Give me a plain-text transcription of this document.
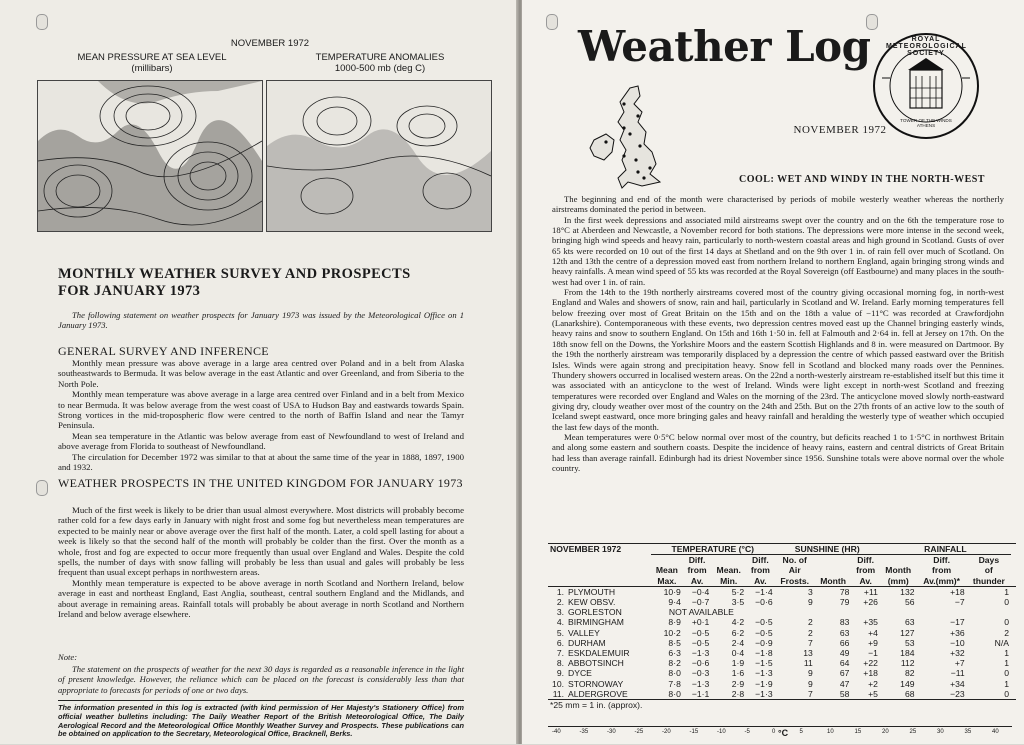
NOVEMBER 1972
MEAN PRESSURE AT SEA LEVEL
(millibars)
TEMPERATURE ANOMALIES
1000-500 mb (deg C)
MONTHLY WEATHER SURVEY AND PROSPECTS
FOR JANUARY 1973
The following statement on weather prospects for January 1973 was issued by the Meteorological Office on 1 January 1973.
GENERAL SURVEY AND INFERENCE

Monthly mean pressure was above average in a large area centred over Poland and in a belt from Alaska southeastwards to Bermuda. It was below average in the east Atlantic and over Greenland, and from Siberia to the North Pole.

Monthly mean temperature was above average in a large area centred over Finland and in a belt from Mexico to near Bermuda. It was below average from the west coast of USA to Hudson Bay and eastwards towards Spain. Strong vortices in the mid-tropospheric flow were centred to the north of Baffin Island and near the Tamyr Peninsula.

Mean sea temperature in the Atlantic was below average from east of Newfoundland to west of Ireland and above average from Florida to southeast of Newfoundland.

The circulation for December 1972 was similar to that at about the same time of the year in 1888, 1897, 1900 and 1932.

WEATHER PROSPECTS IN THE UNITED KINGDOM FOR JANUARY 1973

Much of the first week is likely to be drier than usual almost everywhere. Most districts will probably become rather cold for a few days early in January with night frost and some fog but nevertheless mean temperatures are expected to be mainly near or above average over the first half of the month. Later, a cold spell lasting for about a week is likely so that the second half of the month will probably be colder than the first. Over the month as a whole, frost and fog are expected to occur more frequently than usual over England and Wales. Despite the cold spells, the number of days with snow falling will probably be less than usual and gales will probably be less frequent than usual except perhaps in northwestern areas.

Monthly mean temperature is expected to be above average in north Scotland and Northern Ireland, below average in east and northeast England, East Anglia, southeast, central southern England and the Midlands, and about average in remaining areas. Rainfall totals will probably be about average in north Scotland and Northern Ireland and below average elsewhere.

Note:
The statement on the prospects of weather for the next 30 days is regarded as a reasonable inference in the light of present knowledge. However, the reliance which can be placed on the forecast is considerably less than that appropriate to forecasts for periods of one or two days.
The information presented in this log is extracted (with kind permission of Her Majesty's Stationery Office) from official weather bulletins including: The Daily Weather Report of the British Meteorological Office, The Daily Aerological Record and the Meteorological Office Monthly Weather Survey and Prospects. These publications can be obtained on application to the Secretary, Meteorological Office, Bracknell, Berks.
Weather Log	ROYAL METEOROLOGICAL SOCIETY
TOWER OF THE WINDS ATHENS
NOVEMBER 1972
COOL: WET AND WINDY IN THE NORTH-WEST

The beginning and end of the month were characterised by periods of mobile westerly weather whereas the northerly airstreams dominated the period in between.

In the first week depressions and associated mild airstreams swept over the country and on the 6th the temperature rose to 18°C at Aberdeen and Newcastle, a November record for both stations. The depressions were more intense in the second week, bringing high wind speeds and heavy rain, particularly to north-western coastal areas and high ground in Scotland. Gusts of over 65 kts were recorded on 10 out of the first 14 days at Shetland and on the 9th over 1 in. of rain fell over much of Scotland. On 12th and 13th the centre of a depression moved east from northern Ireland to northern England, again bringing strong winds and heavy rainfalls. A mean wind speed of 55 kts was recorded at the Royal Sovereign (off Eastbourne) and many places in the south-west had over 1 in. of rain.

From the 14th to the 19th northerly airstreams covered most of the country giving occasional morning fog, in north-west England and Wales and showers of snow, rain and hail, particularly in Scotland and W. Ireland. Early morning temperatures fell below freezing over most of Great Britain on the 15th and on the 18th a value of −11°C was recorded at Crawfordjohn (Lanarkshire). Contemporaneous with these events, two depression centres moved east up the Channel bringing easterly winds, heavy rains and snow to southern England. On 15th and 16th 1·50 in. fell at Falmouth and 2·64 in. fell at Jersey on 17th. On the 18th snow fell on the Downs, the Yorkshire Moors and the eastern Scottish Highlands and 8 in. were measured on Dartmoor. By the 19th the northerly airstream was temporarily displaced by a depression the centre of which passed eastward over the British Isles. Winds were again strong and precipitation heavy. Snow fell in Scotland and blocked many roads over the Pennines. Thundery showers occurred in localised western areas. On the 22nd a north-westerly airstream re-established itself but this time it was associated with an anticyclone to the west of Ireland. Winds were light except in north-west Scotland and freezing temperatures were recorded over England and Wales on the morning of the 23rd. The anticyclone moved slowly north-eastward giving dry, cloudy weather over most of the country on the 24th and 25th. But on the 27th fronts of an active low to the south of Iceland swept eastward, once more bringing gales and heavy rainfall and heralding the westerly type of weather which occupied the last few days of the month.

Mean temperatures were 0·5°C below normal over most of the country, but deficits reached 1 to 1·5°C in northwest Britain and along some eastern and southern coasts. Despite the incidence of heavy rains, eastern and central districts of Great Britain had less than average rainfall. Edinburgh had its driest November since 1956. Sunshine totals were above normal over the whole country.

NOVEMBER 1972	TEMPERATURE (°C)				SUNSHINE (HR)			RAINFALL			
		Diff.		Diff.	No. of		Diff.		Diff.	Days	
	Mean	from	Mean.	from	Air		from	Month	from	of	
	Max.	Av.	Min.	Av.	Frosts.	Month	Av.	(mm)	Av.(mm)*	thunder	
1. PLYMOUTH	10·9	−0·4	5·2	−1·4	3	78	+11	132	+18	1	
2. KEW OBSV.	9·4	−0·7	3·5	−0·6	9	79	+26	56	−7	0	
3. GORLESTON	NOT AVAILABLE										
4. BIRMINGHAM	8·9	+0·1	4·2	−0·5	2	83	+35	63	−17	0	
5. VALLEY	10·2	−0·5	6·2	−0·5	2	63	+4	127	+36	2	
6. DURHAM	8·5	−0·5	2·4	−0·9	7	66	+9	53	−10	N/A	
7. ESKDALEMUIR	6·3	−1·3	0·4	−1·8	13	49	−1	184	+32	1	
8. ABBOTSINCH	8·2	−0·6	1·9	−1·5	11	64	+22	112	+7	1	
9. DYCE	8·0	−0·3	1·6	−1·3	9	67	+18	82	−11	0	
10. STORNOWAY	7·8	−1·3	2·9	−1·9	9	47	+2	149	+34	1	
11. ALDERGROVE	8·0	−1·1	2·8	−1·3	7	58	+5	68	−23	0	
*25 mm = 1 in. (approx).											
-40	-35	-30	-25	-20	-15	-10	-5	0	5	10	15	20	25	30	35	40
°C
